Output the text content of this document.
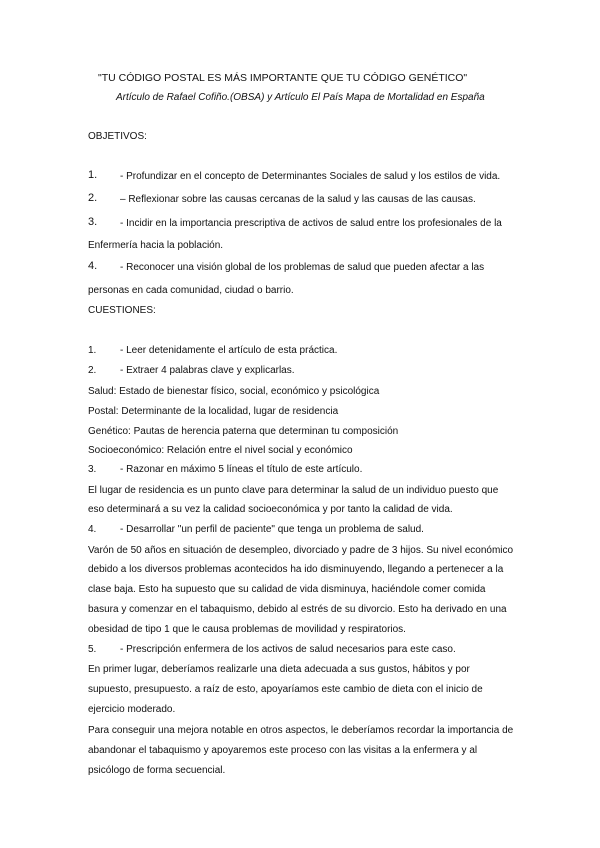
"TU CÓDIGO POSTAL ES MÁS IMPORTANTE QUE TU CÓDIGO GENÉTICO"
Artículo de Rafael Cofiño.(OBSA) y Artículo El País Mapa de Mortalidad en España
OBJETIVOS:
1. - Profundizar en el concepto de Determinantes Sociales de salud y los estilos de vida.
2. – Reflexionar sobre las causas cercanas de la salud y las causas de las causas.
3. - Incidir en la importancia prescriptiva de activos de salud entre los profesionales de la
Enfermería hacia la población.
4. - Reconocer una visión global de los problemas de salud que pueden afectar a las
personas en cada comunidad, ciudad o barrio.
CUESTIONES:
1. - Leer detenidamente el artículo de esta práctica.
2. - Extraer 4 palabras clave y explicarlas.
Salud: Estado de bienestar físico, social, económico y psicológica
Postal: Determinante de la localidad, lugar de residencia
Genético: Pautas de herencia paterna que determinan tu composición
Socioeconómico: Relación entre el nivel social y económico
3. - Razonar en máximo 5 líneas el título de este artículo.
El lugar de residencia es un punto clave para determinar la salud de un individuo puesto que
eso determinará a su vez la calidad socioeconómica y por tanto la calidad de vida.
4. - Desarrollar "un perfil de paciente" que tenga un problema de salud.
Varón de 50 años en situación de desempleo, divorciado y padre de 3 hijos. Su nivel económico
debido a los diversos problemas acontecidos ha ido disminuyendo, llegando a pertenecer a la
clase baja. Esto ha supuesto que su calidad de vida disminuya, haciéndole comer comida
basura y comenzar en el tabaquismo, debido al estrés de su divorcio. Esto ha derivado en una
obesidad de tipo 1 que le causa problemas de movilidad y respiratorios.
5. - Prescripción enfermera de los activos de salud necesarios para este caso.
En primer lugar, deberíamos realizarle una dieta adecuada a sus gustos, hábitos y por
supuesto, presupuesto. a raíz de esto, apoyaríamos este cambio de dieta con el inicio de
ejercicio moderado.
Para conseguir una mejora notable en otros aspectos, le deberíamos recordar la importancia de
abandonar el tabaquismo y apoyaremos este proceso con las visitas a la enfermera y al
psicólogo de forma secuencial.
